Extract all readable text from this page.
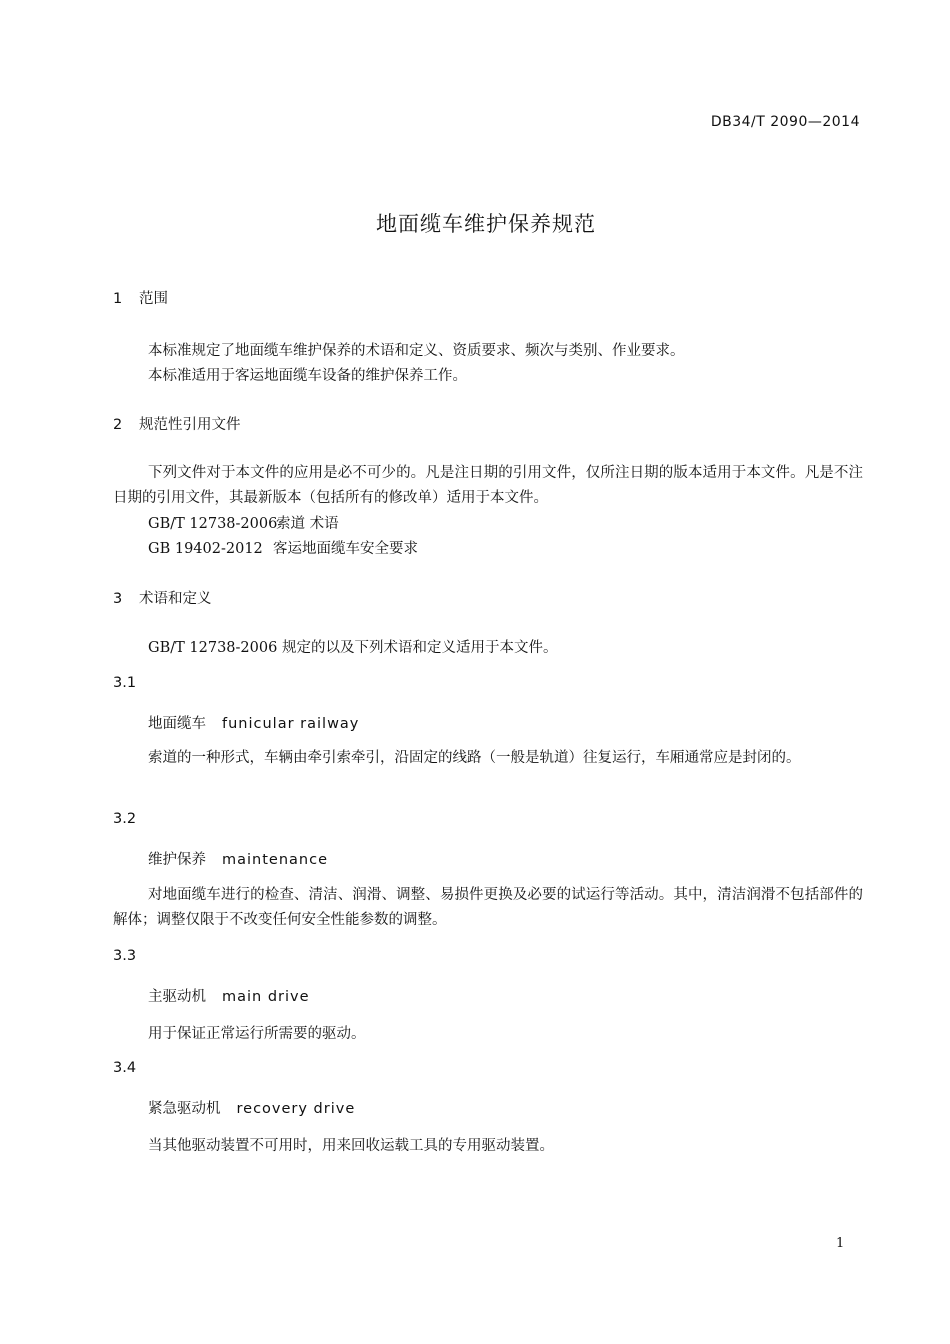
DB34/T 2090—2014
地面缆车维护保养规范
1 范围
本标准规定了地面缆车维护保养的术语和定义、资质要求、频次与类别、作业要求。
本标准适用于客运地面缆车设备的维护保养工作。
2 规范性引用文件
下列文件对于本文件的应用是必不可少的。凡是注日期的引用文件，仅所注日期的版本适用于本文件。凡是不注日期的引用文件，其最新版本（包括所有的修改单）适用于本文件。
GB/T 12738-2006索道 术语
GB 19402-2012 客运地面缆车安全要求
3 术语和定义
GB/T 12738-2006 规定的以及下列术语和定义适用于本文件。
3.1
地面缆车 funicular railway
索道的一种形式，车辆由牵引索牵引，沿固定的线路（一般是轨道）往复运行，车厢通常应是封闭的。
3.2
维护保养 maintenance
对地面缆车进行的检查、清洁、润滑、调整、易损件更换及必要的试运行等活动。其中，清洁润滑不包括部件的解体；调整仅限于不改变任何安全性能参数的调整。
3.3
主驱动机 main drive
用于保证正常运行所需要的驱动。
3.4
紧急驱动机 recovery drive
当其他驱动装置不可用时，用来回收运载工具的专用驱动装置。
1
